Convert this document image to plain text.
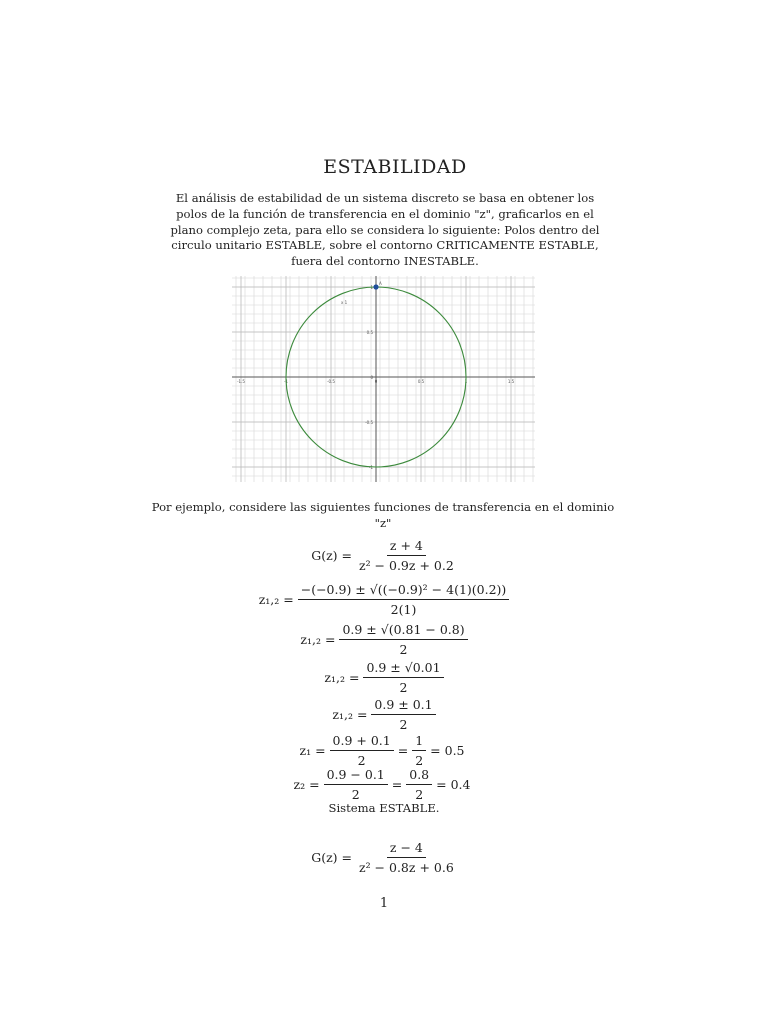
ESTABILIDAD
El análisis de estabilidad de un sistema discreto se basa en obtener los polos de la función de transferencia en el dominio "z", graficarlos en el plano complejo zeta, para ello se considera lo siguiente: Polos dentro del circulo unitario ESTABLE, sobre el contorno CRITICAMENTE ESTABLE, fuera del contorno INESTABLE.
-1.5	-1	-0.5	0	0.5	1	1.5
1
0.5
0
-0.5
-1
x 1
A
Por ejemplo, considere las siguientes funciones de transferencia en el dominio "z"
$G(z) = \frac{z + 4}{\text{z² − 0.9z + 0.2}}$
$z_1,_2 = \frac{\text{−(−0.9) ± √((−0.9)² − 4(1)(0.2))}}{2(1)}$
$z_1,_2 = \frac{0.9 \pm √(0.81 - 0.8)}{2}$
$z_1,_2 = \frac{0.9 \pm √0.01}{2}$
$z_1,_2 = \frac{0.9 \pm 0.1}{2}$
$z_1 = \frac{0.9 + 0.1}{2} = \frac{1}{2} = 0.5$
$z_2 = \frac{0.9 - 0.1}{2} = \frac{0.8}{2} = 0.4$
Sistema ESTABLE.
$G(z) = \frac{z - 4}{\text{z² − 0.8z + 0.6}}$
1
